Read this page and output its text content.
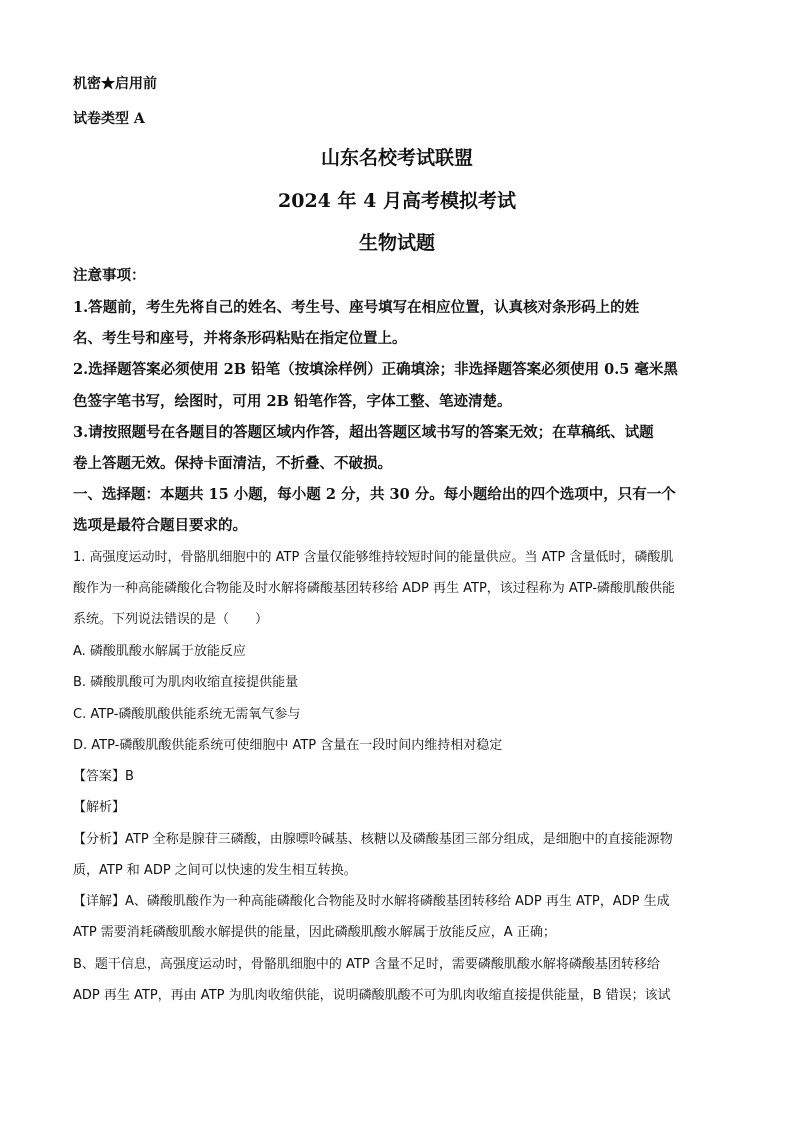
机密★启用前
试卷类型 A
山东名校考试联盟
2024 年 4 月高考模拟考试
生物试题
注意事项：
1.答题前，考生先将自己的姓名、考生号、座号填写在相应位置，认真核对条形码上的姓
名、考生号和座号，并将条形码粘贴在指定位置上。
2.选择题答案必须使用 2B 铅笔（按填涂样例）正确填涂；非选择题答案必须使用 0.5 毫米黑
色签字笔书写，绘图时，可用 2B 铅笔作答，字体工整、笔迹清楚。
3.请按照题号在各题目的答题区域内作答，超出答题区域书写的答案无效；在草稿纸、试题
卷上答题无效。保持卡面清洁，不折叠、不破损。
一、选择题：本题共 15 小题，每小题 2 分，共 30 分。每小题给出的四个选项中，只有一个
选项是最符合题目要求的。
1. 高强度运动时，骨骼肌细胞中的 ATP 含量仅能够维持较短时间的能量供应。当 ATP 含量低时，磷酸肌
酸作为一种高能磷酸化合物能及时水解将磷酸基团转移给 ADP 再生 ATP，该过程称为 ATP-磷酸肌酸供能
系统。下列说法错误的是（　　）
A. 磷酸肌酸水解属于放能反应
B. 磷酸肌酸可为肌肉收缩直接提供能量
C. ATP-磷酸肌酸供能系统无需氧气参与
D. ATP-磷酸肌酸供能系统可使细胞中 ATP 含量在一段时间内维持相对稳定
【答案】B
【解析】
【分析】ATP 全称是腺苷三磷酸，由腺嘌呤碱基、核糖以及磷酸基团三部分组成，是细胞中的直接能源物
质，ATP 和 ADP 之间可以快速的发生相互转换。
【详解】A、磷酸肌酸作为一种高能磷酸化合物能及时水解将磷酸基团转移给 ADP 再生 ATP，ADP 生成
ATP 需要消耗磷酸肌酸水解提供的能量，因此磷酸肌酸水解属于放能反应，A 正确；
B、题干信息，高强度运动时，骨骼肌细胞中的 ATP 含量不足时，需要磷酸肌酸水解将磷酸基团转移给
ADP 再生 ATP，再由 ATP 为肌肉收缩供能，说明磷酸肌酸不可为肌肉收缩直接提供能量，B 错误；该试
